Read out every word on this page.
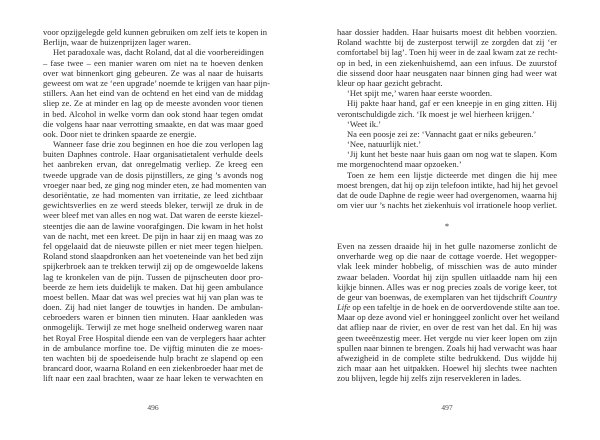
voor opzijgelegde geld kunnen gebruiken om zelf iets te kopen in
Berlijn, waar de huizenprijzen lager waren.
Het paradoxale was, dacht Roland, dat al die voorbereidingen
– fase twee – een manier waren om niet na te hoeven denken
over wat binnenkort ging gebeuren. Ze was al naar de huisarts
geweest om wat ze ‘een upgrade’ noemde te krijgen van haar pijn-
stillers. Aan het eind van de ochtend en het eind van de middag
sliep ze. Ze at minder en lag op de meeste avonden voor tienen
in bed. Alcohol in welke vorm dan ook stond haar tegen omdat
die volgens haar naar verrotting smaakte, en dat was maar goed
ook. Door niet te drinken spaarde ze energie.
Wanneer fase drie zou beginnen en hoe die zou verlopen lag
buiten Daphnes controle. Haar organisatietalent verhulde deels
het aanbreken ervan, dat onregelmatig verliep. Ze kreeg een
tweede upgrade van de dosis pijnstillers, ze ging ’s avonds nog
vroeger naar bed, ze ging nog minder eten, ze had momenten van
desoriëntatie, ze had momenten van irritatie, ze leed zichtbaar
gewichtsverlies en ze werd steeds bleker, terwijl ze druk in de
weer bleef met van alles en nog wat. Dat waren de eerste kiezel-
steentjes die aan de lawine voorafgingen. Die kwam in het holst
van de nacht, met een kreet. De pijn in haar zij en maag was zo
fel opgelaaid dat de nieuwste pillen er niet meer tegen hielpen.
Roland stond slaapdronken aan het voeteneinde van het bed zijn
spijkerbroek aan te trekken terwijl zij op de omgewoelde lakens
lag te kronkelen van de pijn. Tussen de pijnscheuten door pro-
beerde ze hem iets duidelijk te maken. Dat hij geen ambulance
moest bellen. Maar dat was wel precies wat hij van plan was te
doen. Zij had niet langer de touwtjes in handen. De ambulan-
cebroeders waren er binnen tien minuten. Haar aankleden was
onmogelijk. Terwijl ze met hoge snelheid onderweg waren naar
het Royal Free Hospital diende een van de verplegers haar achter
in de ambulance morfine toe. De vijftig minuten die ze moes-
ten wachten bij de spoedeisende hulp bracht ze slapend op een
brancard door, waarna Roland en een ziekenbroeder haar met de
lift naar een zaal brachten, waar ze haar leken te verwachten en
496
haar dossier hadden. Haar huisarts moest dit hebben voorzien.
Roland wachtte bij de zusterpost terwijl ze zorgden dat zij ‘er
comfortabel bij lag’. Toen hij weer in de zaal kwam zat ze recht-
op in bed, in een ziekenhuishemd, aan een infuus. De zuurstof
die sissend door haar neusgaten naar binnen ging had weer wat
kleur op haar gezicht gebracht.
‘Het spijt me,’ waren haar eerste woorden.
Hij pakte haar hand, gaf er een kneepje in en ging zitten. Hij
verontschuldigde zich. ‘Ik moest je wel hierheen krijgen.’
‘Weet ik.’
Na een poosje zei ze: ‘Vannacht gaat er niks gebeuren.’
‘Nee, natuurlijk niet.’
‘Jij kunt het beste naar huis gaan om nog wat te slapen. Kom
me morgenochtend maar opzoeken.’
Toen ze hem een lijstje dicteerde met dingen die hij mee
moest brengen, dat hij op zijn telefoon intikte, had hij het gevoel
dat de oude Daphne de regie weer had overgenomen, waarna hij
om vier uur ’s nachts het ziekenhuis vol irrationele hoop verliet.
*
Even na zessen draaide hij in het gulle nazomerse zonlicht de
onverharde weg op die naar de cottage voerde. Het wegopper-
vlak leek minder hobbelig, of misschien was de auto minder
zwaar beladen. Voordat hij zijn spullen uitlaadde nam hij een
kijkje binnen. Alles was er nog precies zoals de vorige keer, tot
de geur van boenwas, de exemplaren van het tijdschrift Country
Life op een tafeltje in de hoek en de oorverdovende stilte aan toe.
Maar op deze avond viel er honinggeel zonlicht over het weiland
dat afliep naar de rivier, en over de rest van het dal. En hij was
geen tweeënzestig meer. Het vergde nu vier keer lopen om zijn
spullen naar binnen te brengen. Zoals hij had verwacht was haar
afwezigheid in de complete stilte bedrukkend. Dus wijdde hij
zich maar aan het uitpakken. Hoewel hij slechts twee nachten
zou blijven, legde hij zelfs zijn reservekleren in lades.
497
